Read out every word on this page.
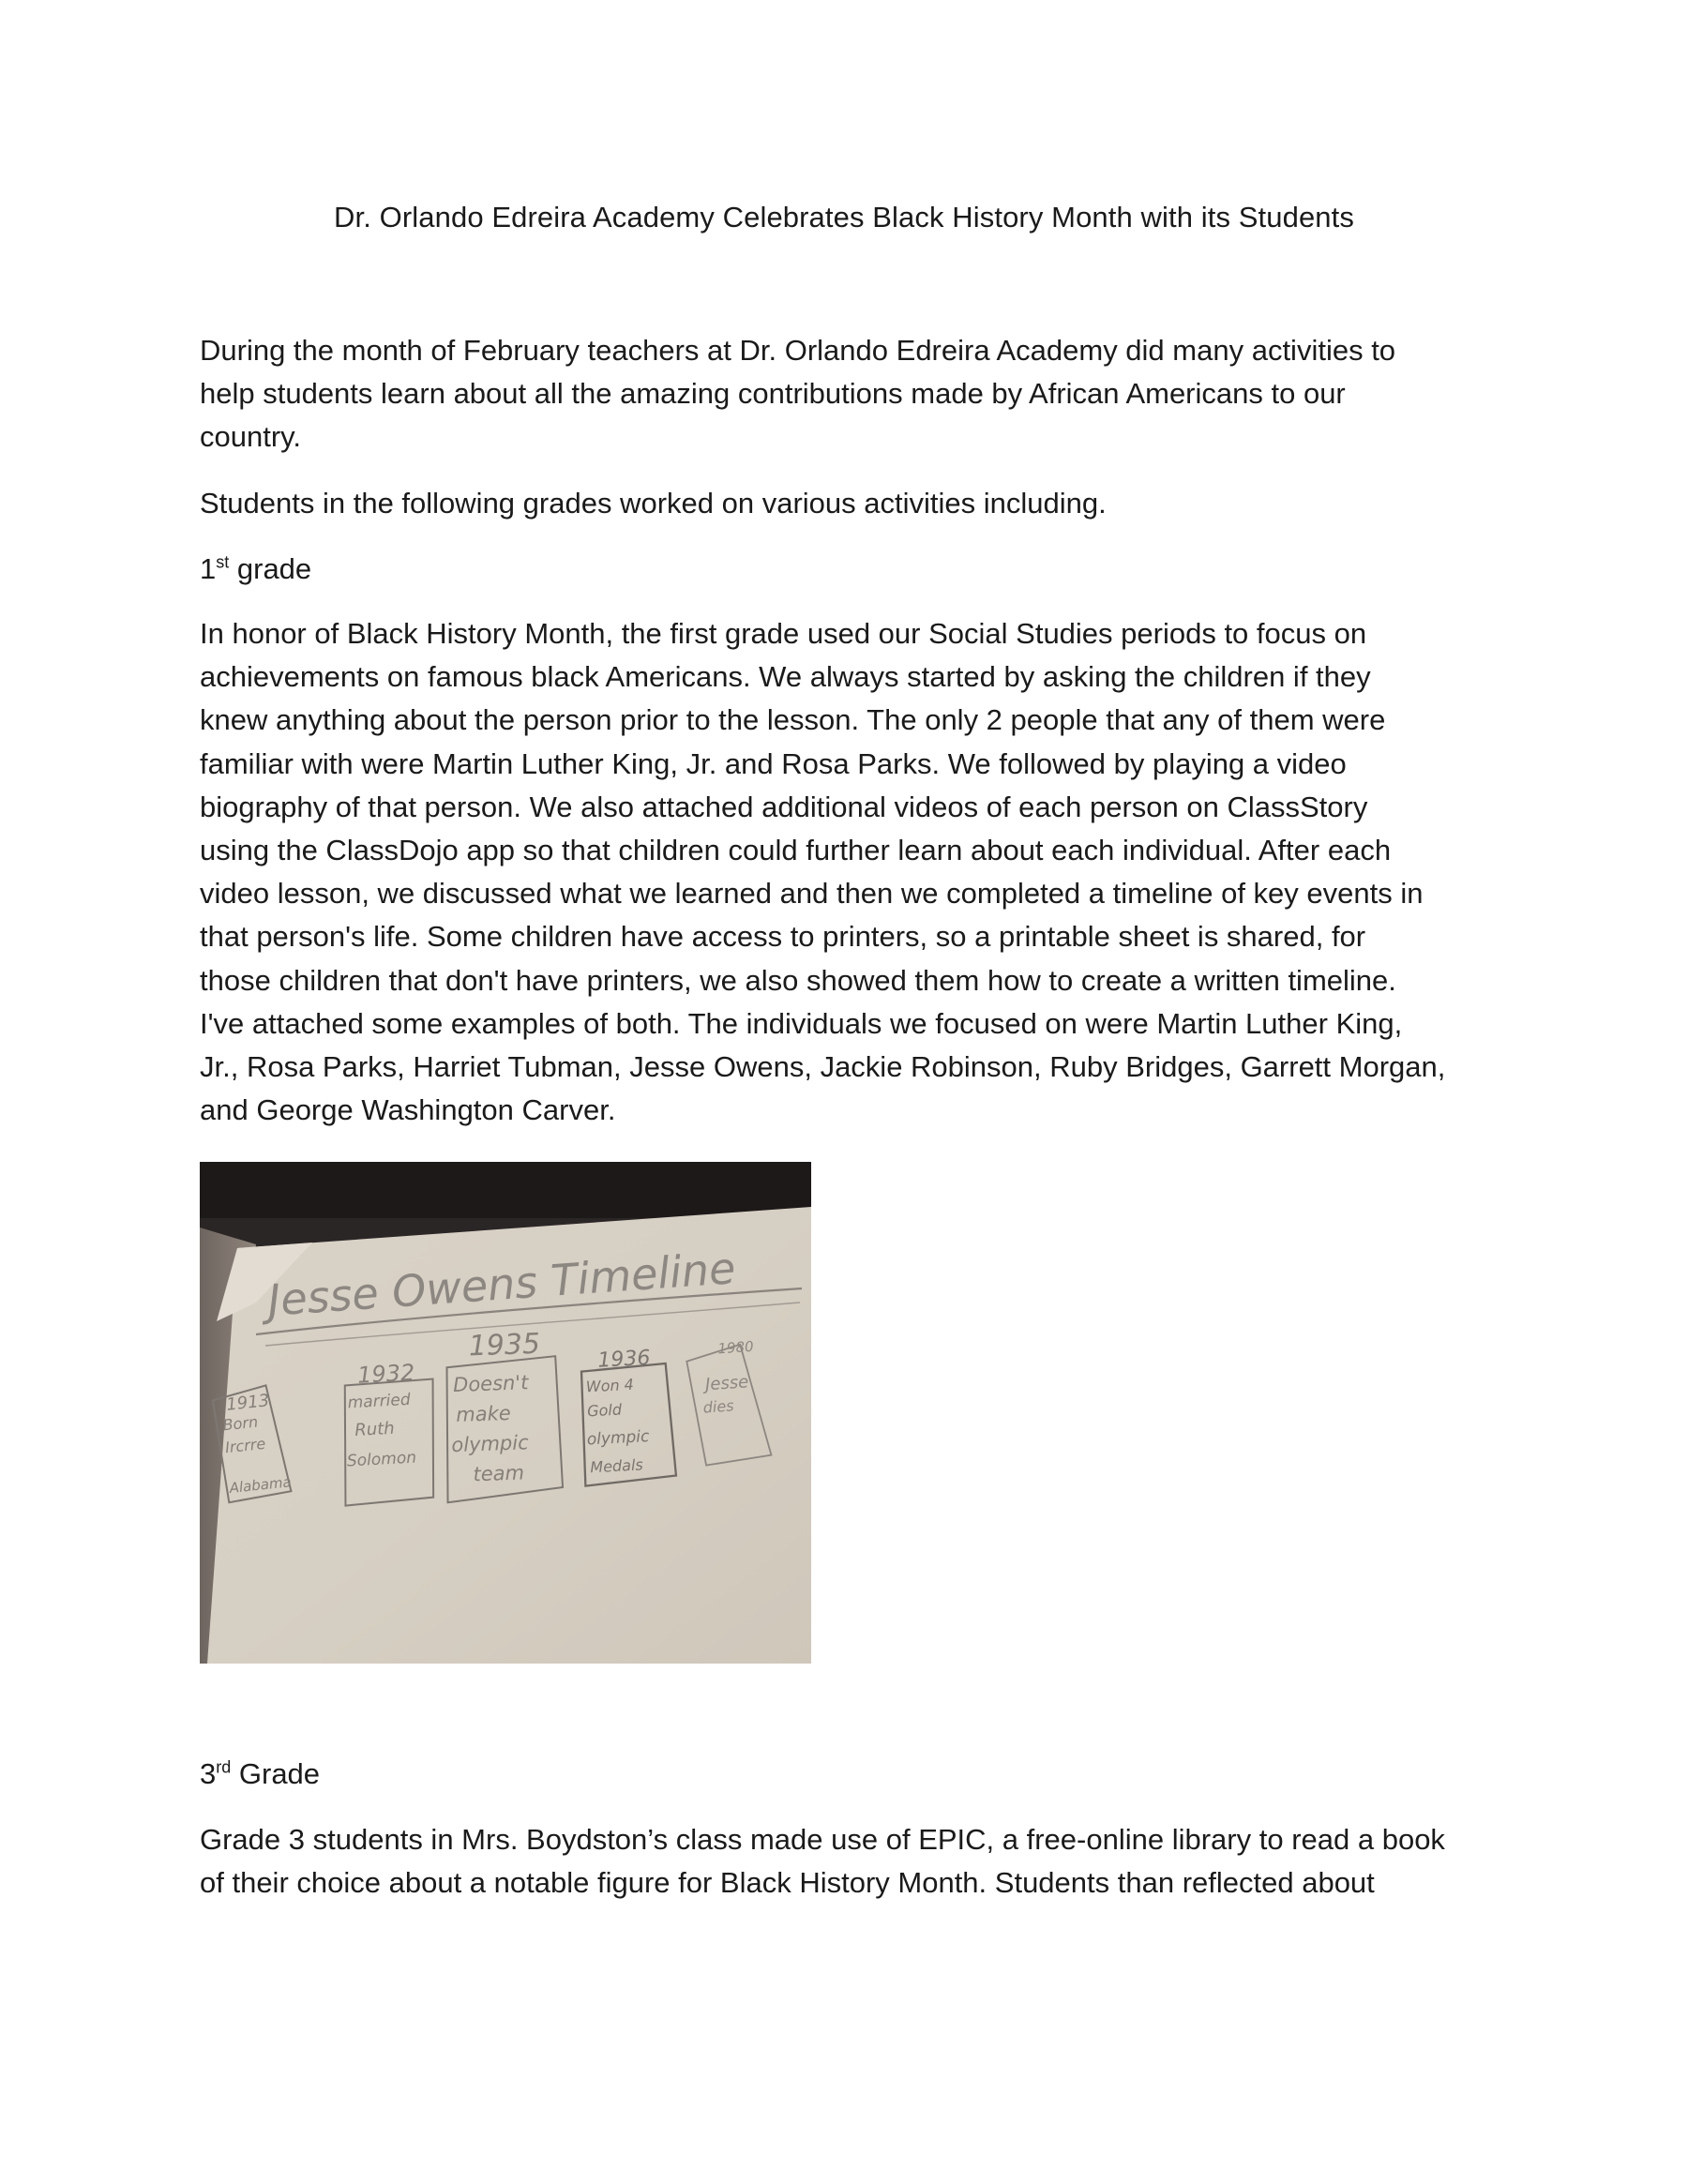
Dr. Orlando Edreira Academy Celebrates Black History Month with its Students

During the month of February teachers at Dr. Orlando Edreira Academy did many activities to

help students learn about all the amazing contributions made by African Americans to our

country.

Students in the following grades worked on various activities including.

1st grade

In honor of Black History Month, the first grade used our Social Studies periods to focus on

achievements on famous black Americans. We always started by asking the children if they

knew anything about the person prior to the lesson. The only 2 people that any of them were

familiar with were Martin Luther King, Jr. and Rosa Parks. We followed by playing a video

biography of that person. We also attached additional videos of each person on ClassStory

using the ClassDojo app so that children could further learn about each individual. After each

video lesson, we discussed what we learned and then we completed a timeline of key events in

that person's life. Some children have access to printers, so a printable sheet is shared, for

those children that don't have printers, we also showed them how to create a written timeline.

I've attached some examples of both. The individuals we focused on were Martin Luther King,

Jr., Rosa Parks, Harriet Tubman, Jesse Owens, Jackie Robinson, Ruby Bridges, Garrett Morgan,

and George Washington Carver.

Jesse Owens Timeline
1913
Born
Ircrre
Alabama
1932
married
Ruth
Solomon
1935
Doesn't
make
olympic
team
1936
Won 4
Gold
olympic
Medals
1980
Jesse
dies

3rd Grade

Grade 3 students in Mrs. Boydston’s class made use of EPIC, a free-online library to read a book

of their choice about a notable figure for Black History Month. Students than reflected about
